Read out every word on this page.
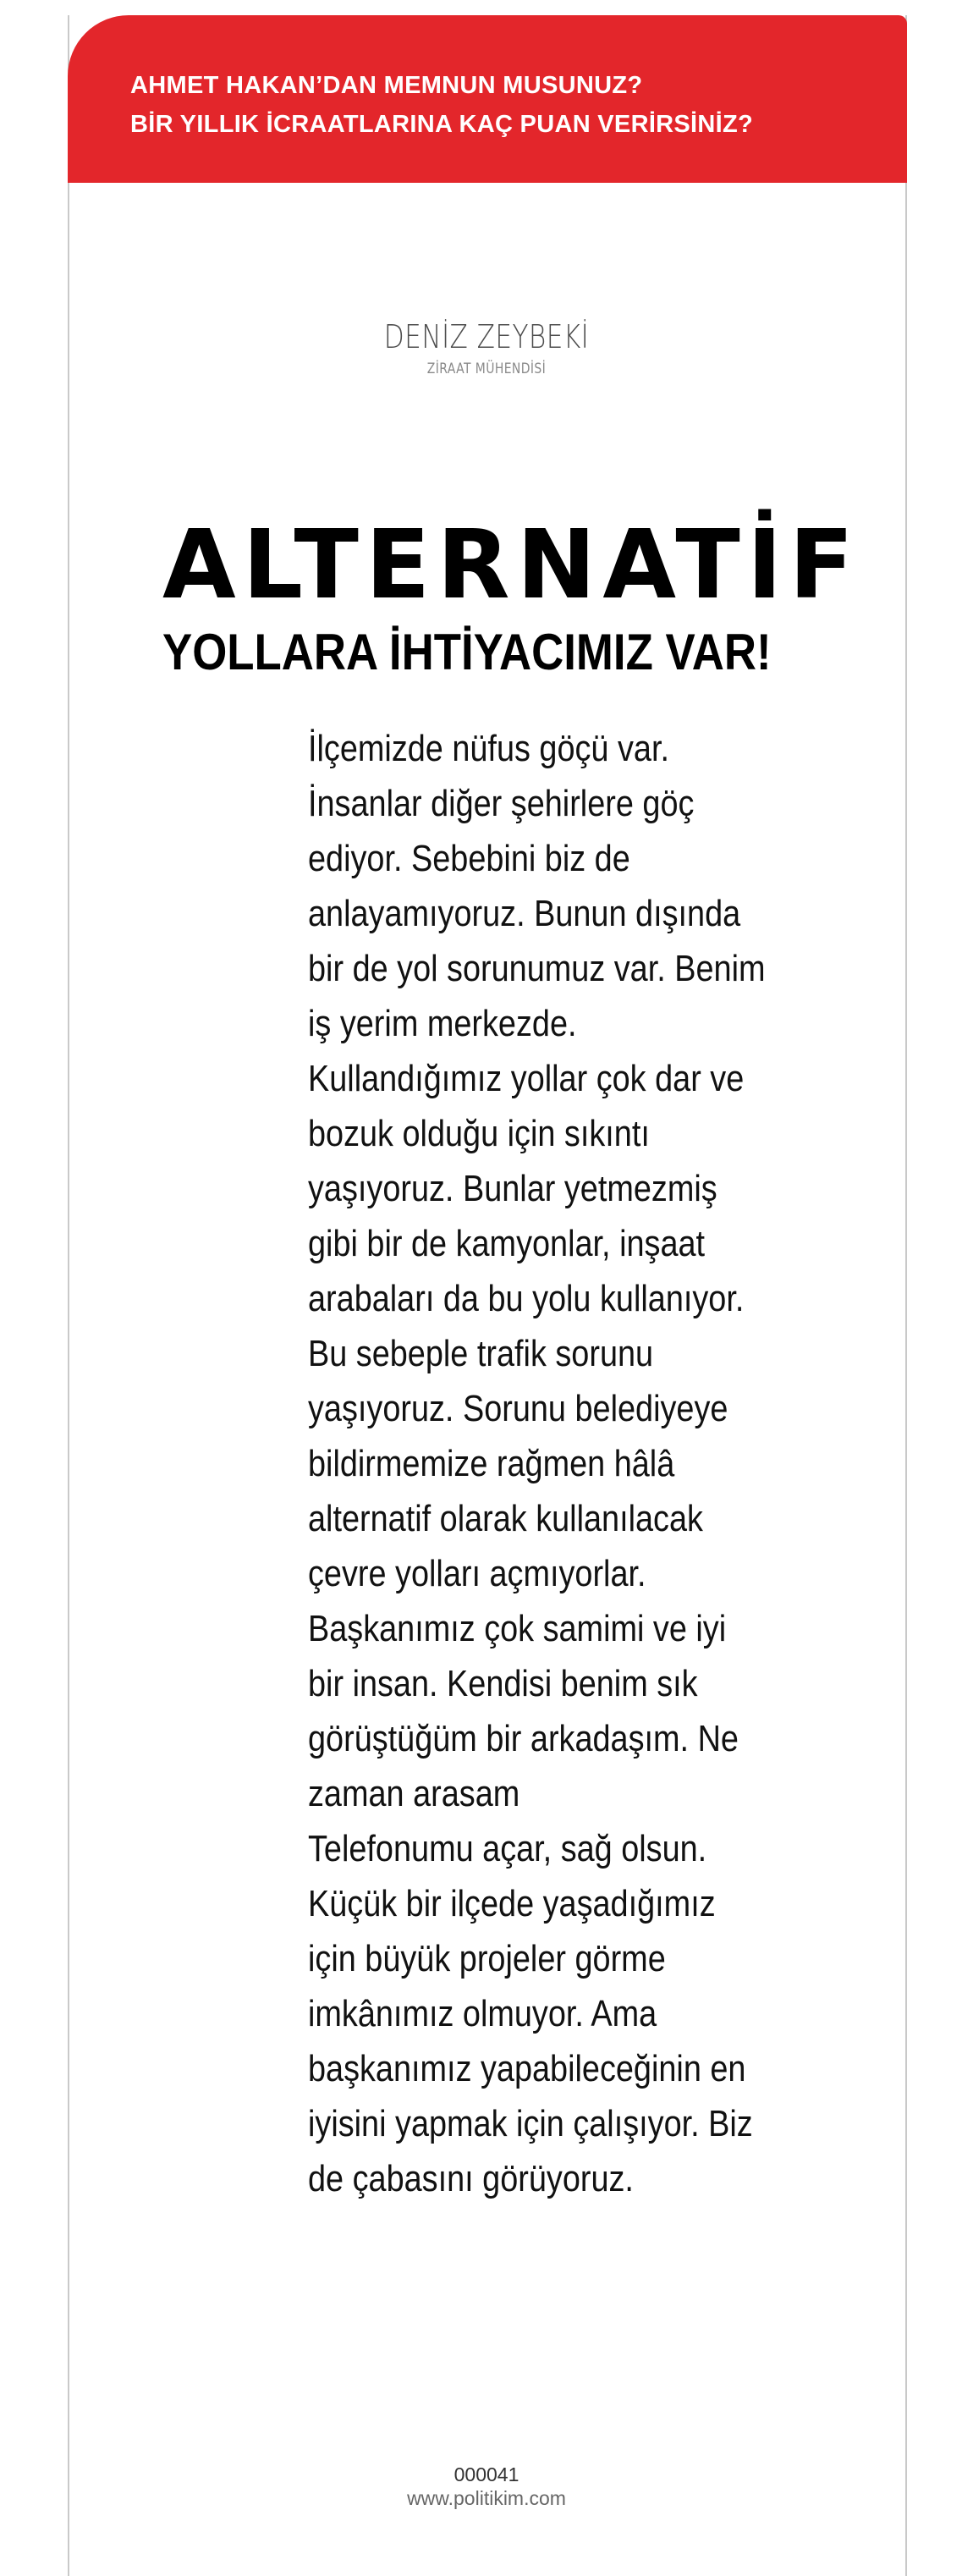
AHMET HAKAN’DAN MEMNUN MUSUNUZ?
BİR YILLIK İCRAATLARINA KAÇ PUAN VERİRSİNİZ?
DENİZ ZEYBEKİ
ZİRAAT MÜHENDİSİ
ALTERNATİF
YOLLARA İHTİYACIMIZ VAR!
İlçemizde nüfus göçü var.
İnsanlar diğer şehirlere göç
ediyor. Sebebini biz de
anlayamıyoruz. Bunun dışında
bir de yol sorunumuz var. Benim
iş yerim merkezde.
Kullandığımız yollar çok dar ve
bozuk olduğu için sıkıntı
yaşıyoruz. Bunlar yetmezmiş
gibi bir de kamyonlar, inşaat
arabaları da bu yolu kullanıyor.
Bu sebeple trafik sorunu
yaşıyoruz. Sorunu belediyeye
bildirmemize rağmen hâlâ
alternatif olarak kullanılacak
çevre yolları açmıyorlar.
Başkanımız çok samimi ve iyi
bir insan. Kendisi benim sık
görüştüğüm bir arkadaşım. Ne
zaman arasam
Telefonumu açar, sağ olsun.
Küçük bir ilçede yaşadığımız
için büyük projeler görme
imkânımız olmuyor. Ama
başkanımız yapabileceğinin en
iyisini yapmak için çalışıyor. Biz
de çabasını görüyoruz.
000041
www.politikim.com
